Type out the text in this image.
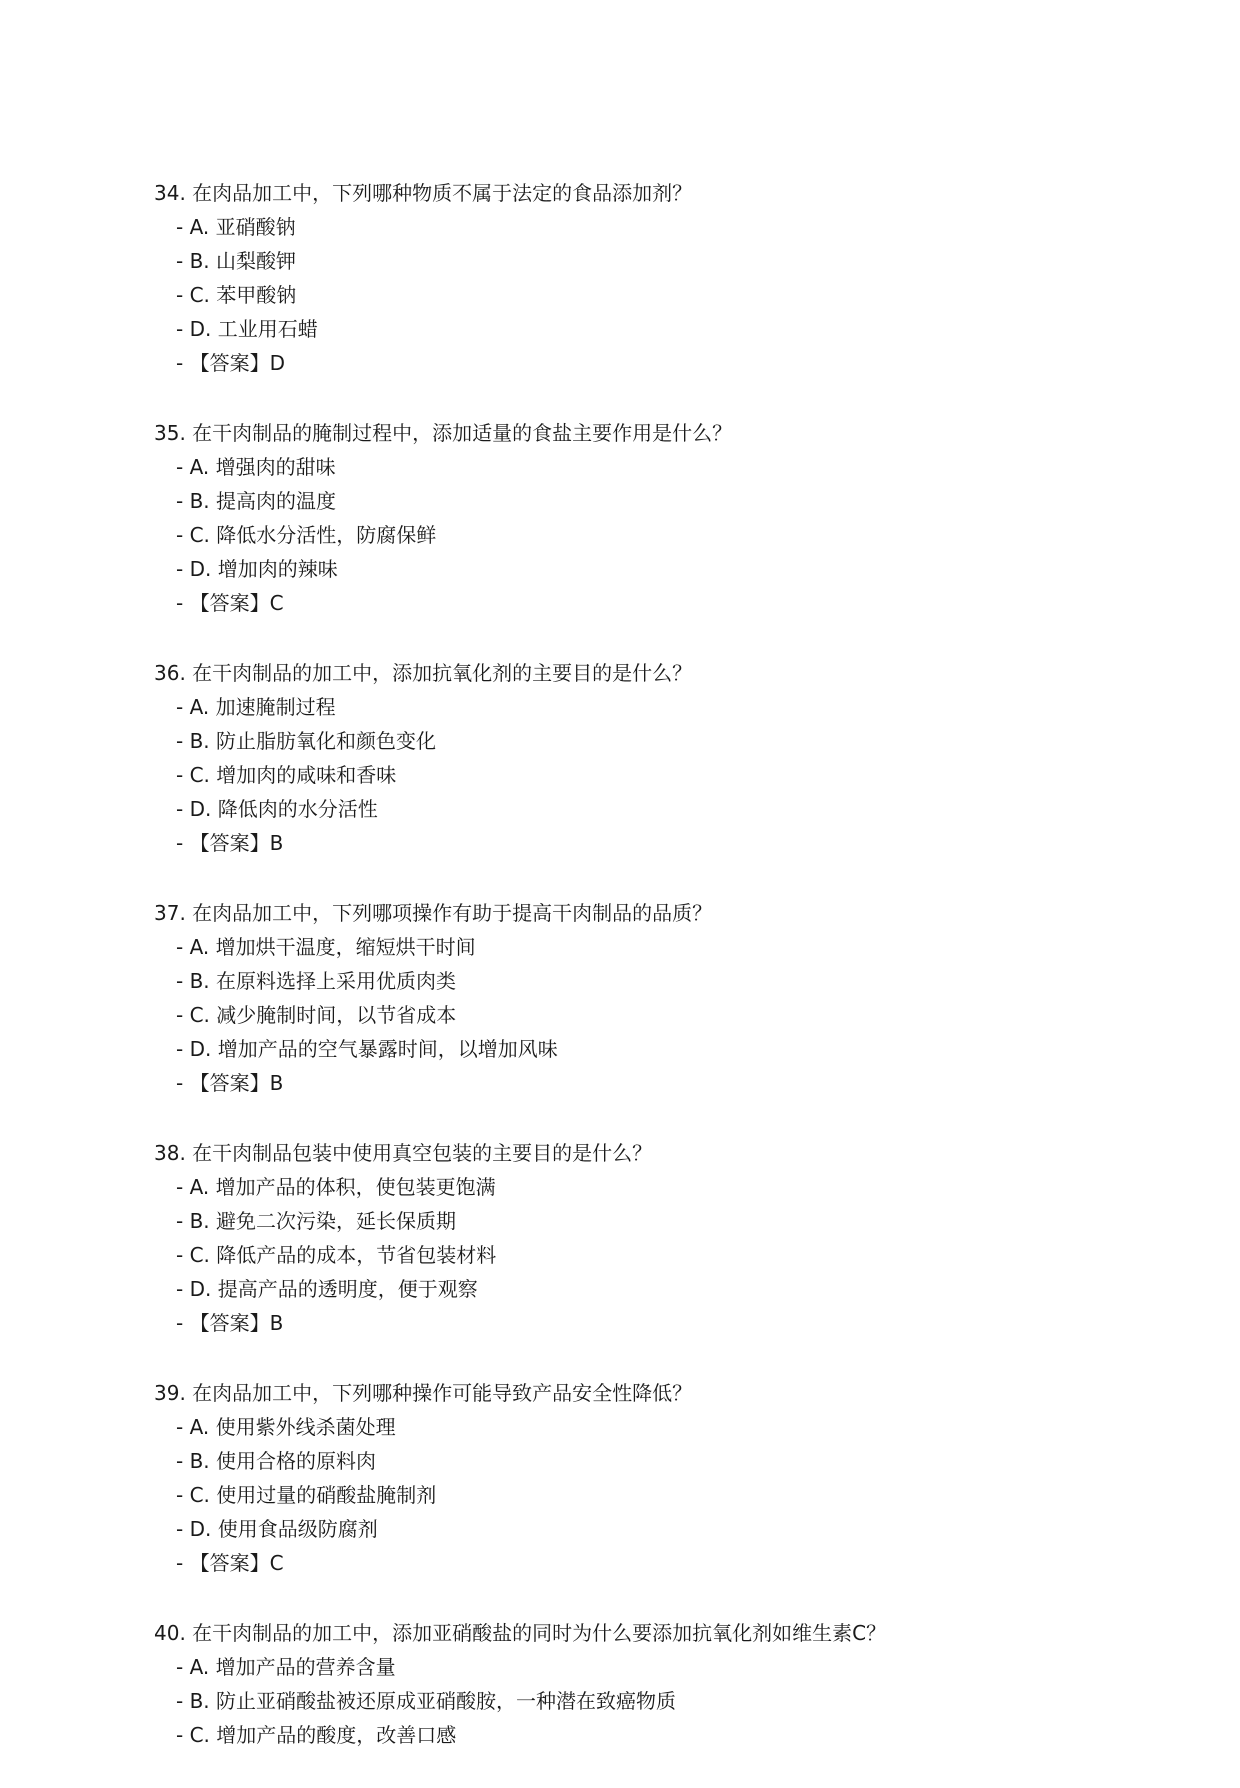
34. 在肉品加工中，下列哪种物质不属于法定的食品添加剂？
- A. 亚硝酸钠
- B. 山梨酸钾
- C. 苯甲酸钠
- D. 工业用石蜡
- 【答案】D
35. 在干肉制品的腌制过程中，添加适量的食盐主要作用是什么？
- A. 增强肉的甜味
- B. 提高肉的温度
- C. 降低水分活性，防腐保鲜
- D. 增加肉的辣味
- 【答案】C
36. 在干肉制品的加工中，添加抗氧化剂的主要目的是什么？
- A. 加速腌制过程
- B. 防止脂肪氧化和颜色变化
- C. 增加肉的咸味和香味
- D. 降低肉的水分活性
- 【答案】B
37. 在肉品加工中，下列哪项操作有助于提高干肉制品的品质？
- A. 增加烘干温度，缩短烘干时间
- B. 在原料选择上采用优质肉类
- C. 减少腌制时间，以节省成本
- D. 增加产品的空气暴露时间，以增加风味
- 【答案】B
38. 在干肉制品包装中使用真空包装的主要目的是什么？
- A. 增加产品的体积，使包装更饱满
- B. 避免二次污染，延长保质期
- C. 降低产品的成本，节省包装材料
- D. 提高产品的透明度，便于观察
- 【答案】B
39. 在肉品加工中，下列哪种操作可能导致产品安全性降低？
- A. 使用紫外线杀菌处理
- B. 使用合格的原料肉
- C. 使用过量的硝酸盐腌制剂
- D. 使用食品级防腐剂
- 【答案】C
40. 在干肉制品的加工中，添加亚硝酸盐的同时为什么要添加抗氧化剂如维生素C？
- A. 增加产品的营养含量
- B. 防止亚硝酸盐被还原成亚硝酸胺，一种潜在致癌物质
- C. 增加产品的酸度，改善口感
